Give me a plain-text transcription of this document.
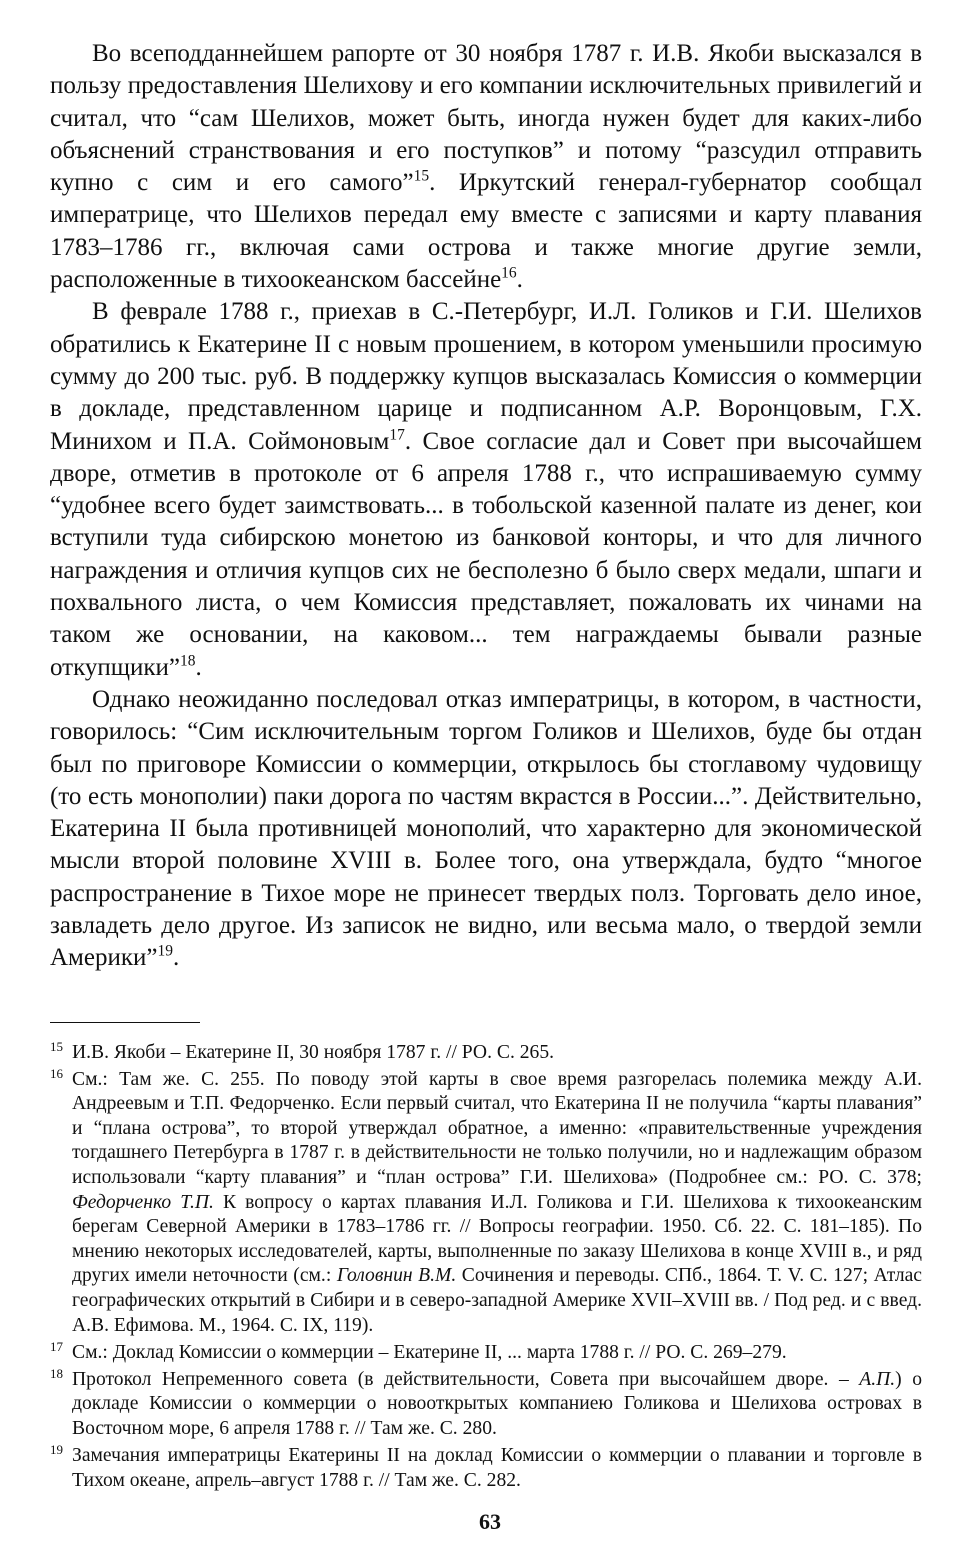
Во всеподданнейшем рапорте от 30 ноября 1787 г. И.В. Якоби высказался в пользу предоставления Шелихову и его компании исключительных привилегий и считал, что “сам Шелихов, может быть, иногда нужен будет для каких-либо объяснений странствования и его поступков” и потому “разсудил отправить купно с сим и его самого”$^{15}$. Иркутский генерал-губернатор сообщал императрице, что Шелихов передал ему вместе с записями и карту плавания 1783–1786 гг., включая сами острова и также многие другие земли, расположенные в тихоокеанском бассейне$^{16}$.

В феврале 1788 г., приехав в С.-Петербург, И.Л. Голиков и Г.И. Шелихов обратились к Екатерине II с новым прошением, в котором уменьшили просимую сумму до 200 тыс. руб. В поддержку купцов высказалась Комиссия о коммерции в докладе, представленном царице и подписанном А.Р. Воронцовым, Г.Х. Минихом и П.А. Соймоновым$^{17}$. Свое согласие дал и Совет при высочайшем дворе, отметив в протоколе от 6 апреля 1788 г., что испрашиваемую сумму “удобнее всего будет заимствовать... в тобольской казенной палате из денег, кои вступили туда сибирскою монетою из банковой конторы, и что для личного награждения и отличия купцов сих не бесполезно б было сверх медали, шпаги и похвального листа, о чем Комиссия представляет, пожаловать их чинами на таком же основании, на каковом... тем награждаемы бывали разные откупщики”$^{18}$.

Однако неожиданно последовал отказ императрицы, в котором, в частности, говорилось: “Сим исключительным торгом Голиков и Шелихов, буде бы отдан был по приговоре Комиссии о коммерции, открылось бы стоглавому чудовищу (то есть монополии) паки дорога по частям вкрастся в России...”. Действительно, Екатерина II была противницей монополий, что характерно для экономической мысли второй половине XVIII в. Более того, она утверждала, будто “многое распространение в Тихое море не принесет твердых полз. Торговать дело иное, завладеть дело другое. Из записок не видно, или весьма мало, о твердой земли Америки”$^{19}$.

15 И.В. Якоби – Екатерине II, 30 ноября 1787 г. // РО. С. 265.
16 См.: Там же. С. 255. По поводу этой карты в свое время разгорелась полемика между А.И. Андреевым и Т.П. Федорченко. Если первый считал, что Екатерина II не получила “карты плавания” и “плана острова”, то второй утверждал обратное, а именно: «правительственные учреждения тогдашнего Петербурга в 1787 г. в действительности не только получили, но и надлежащим образом использовали “карту плавания” и “план острова” Г.И. Шелихова» (Подробнее см.: РО. С. 378; Федорченко Т.П. К вопросу о картах плавания И.Л. Голикова и Г.И. Шелихова к тихоокеанским берегам Северной Америки в 1783–1786 гг. // Вопросы географии. 1950. Сб. 22. С. 181–185). По мнению некоторых исследователей, карты, выполненные по заказу Шелихова в конце XVIII в., и ряд других имели неточности (см.: Головнин В.М. Сочинения и переводы. СПб., 1864. Т. V. С. 127; Атлас географических открытий в Сибири и в северо-западной Америке XVII–XVIII вв. / Под ред. и с введ. А.В. Ефимова. М., 1964. С. IX, 119).
17 См.: Доклад Комиссии о коммерции – Екатерине II, ... марта 1788 г. // РО. С. 269–279.
18 Протокол Непременного совета (в действительности, Совета при высочайшем дворе. – А.П.) о докладе Комиссии о коммерции о новооткрытых компаниею Голикова и Шелихова островах в Восточном море, 6 апреля 1788 г. // Там же. С. 280.
19 Замечания императрицы Екатерины II на доклад Комиссии о коммерции о плавании и торговле в Тихом океане, апрель–август 1788 г. // Там же. С. 282.
63
